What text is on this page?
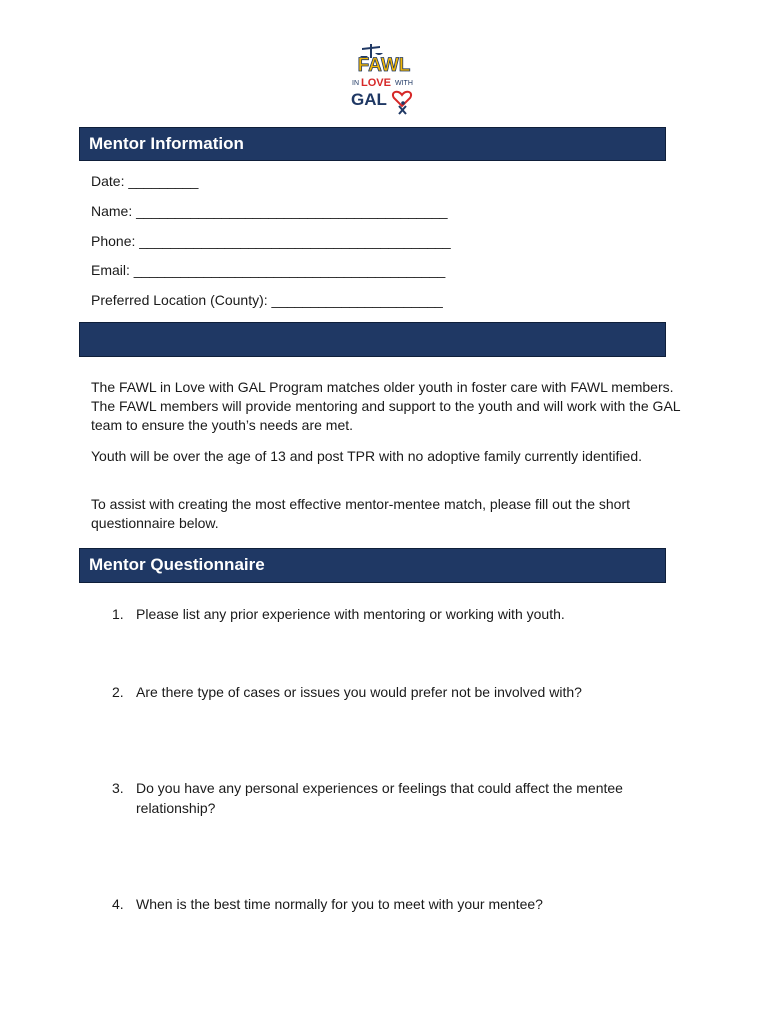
FAWL
IN LOVE WITH
GAL
Mentor Information
Date: _________
Name: ________________________________________
Phone: ________________________________________
Email: ________________________________________
Preferred Location (County): ______________________
The FAWL in Love with GAL Program matches older youth in foster care with FAWL members. The FAWL members will provide mentoring and support to the youth and will work with the GAL team to ensure the youth’s needs are met.
Youth will be over the age of 13 and post TPR with no adoptive family currently identified.
To assist with creating the most effective mentor-mentee match, please fill out the short questionnaire below.
Mentor Questionnaire
1. Please list any prior experience with mentoring or working with youth.
2. Are there type of cases or issues you would prefer not be involved with?
3. Do you have any personal experiences or feelings that could affect the mentee relationship?
4. When is the best time normally for you to meet with your mentee?
